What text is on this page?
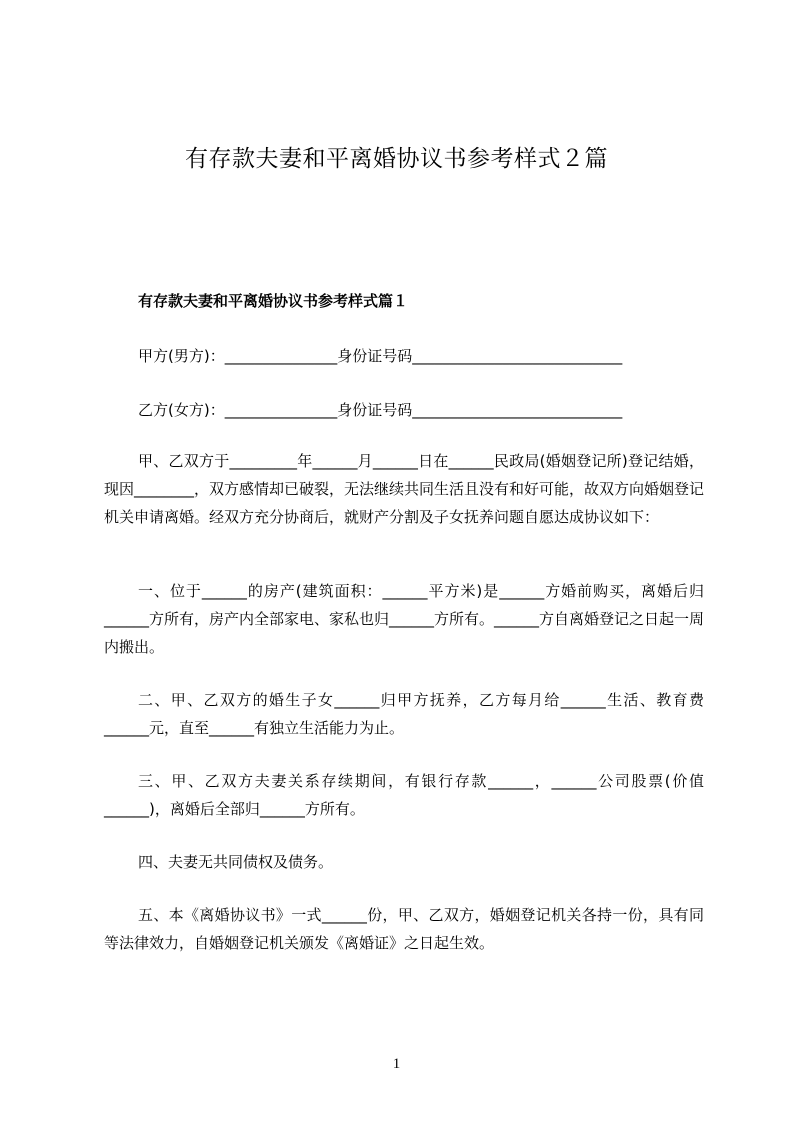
有存款夫妻和平离婚协议书参考样式２篇
有存款夫妻和平离婚协议书参考样式篇１
甲方(男方)：_______________身份证号码____________________________
乙方(女方)：_______________身份证号码____________________________
甲、乙双方于_________年______月______日在______民政局(婚姻登记所)登记结婚，现因________，双方感情却已破裂，无法继续共同生活且没有和好可能，故双方向婚姻登记机关申请离婚。经双方充分协商后，就财产分割及子女抚养问题自愿达成协议如下：
一、位于______的房产(建筑面积：______平方米)是______方婚前购买，离婚后归______方所有，房产内全部家电、家私也归______方所有。______方自离婚登记之日起一周内搬出。
二、甲、乙双方的婚生子女______归甲方抚养，乙方每月给______生活、教育费______元，直至______有独立生活能力为止。
三、甲、乙双方夫妻关系存续期间，有银行存款______，______公司股票(价值______)，离婚后全部归______方所有。
四、夫妻无共同债权及债务。
五、本《离婚协议书》一式______份，甲、乙双方，婚姻登记机关各持一份，具有同等法律效力，自婚姻登记机关颁发《离婚证》之日起生效。
1
